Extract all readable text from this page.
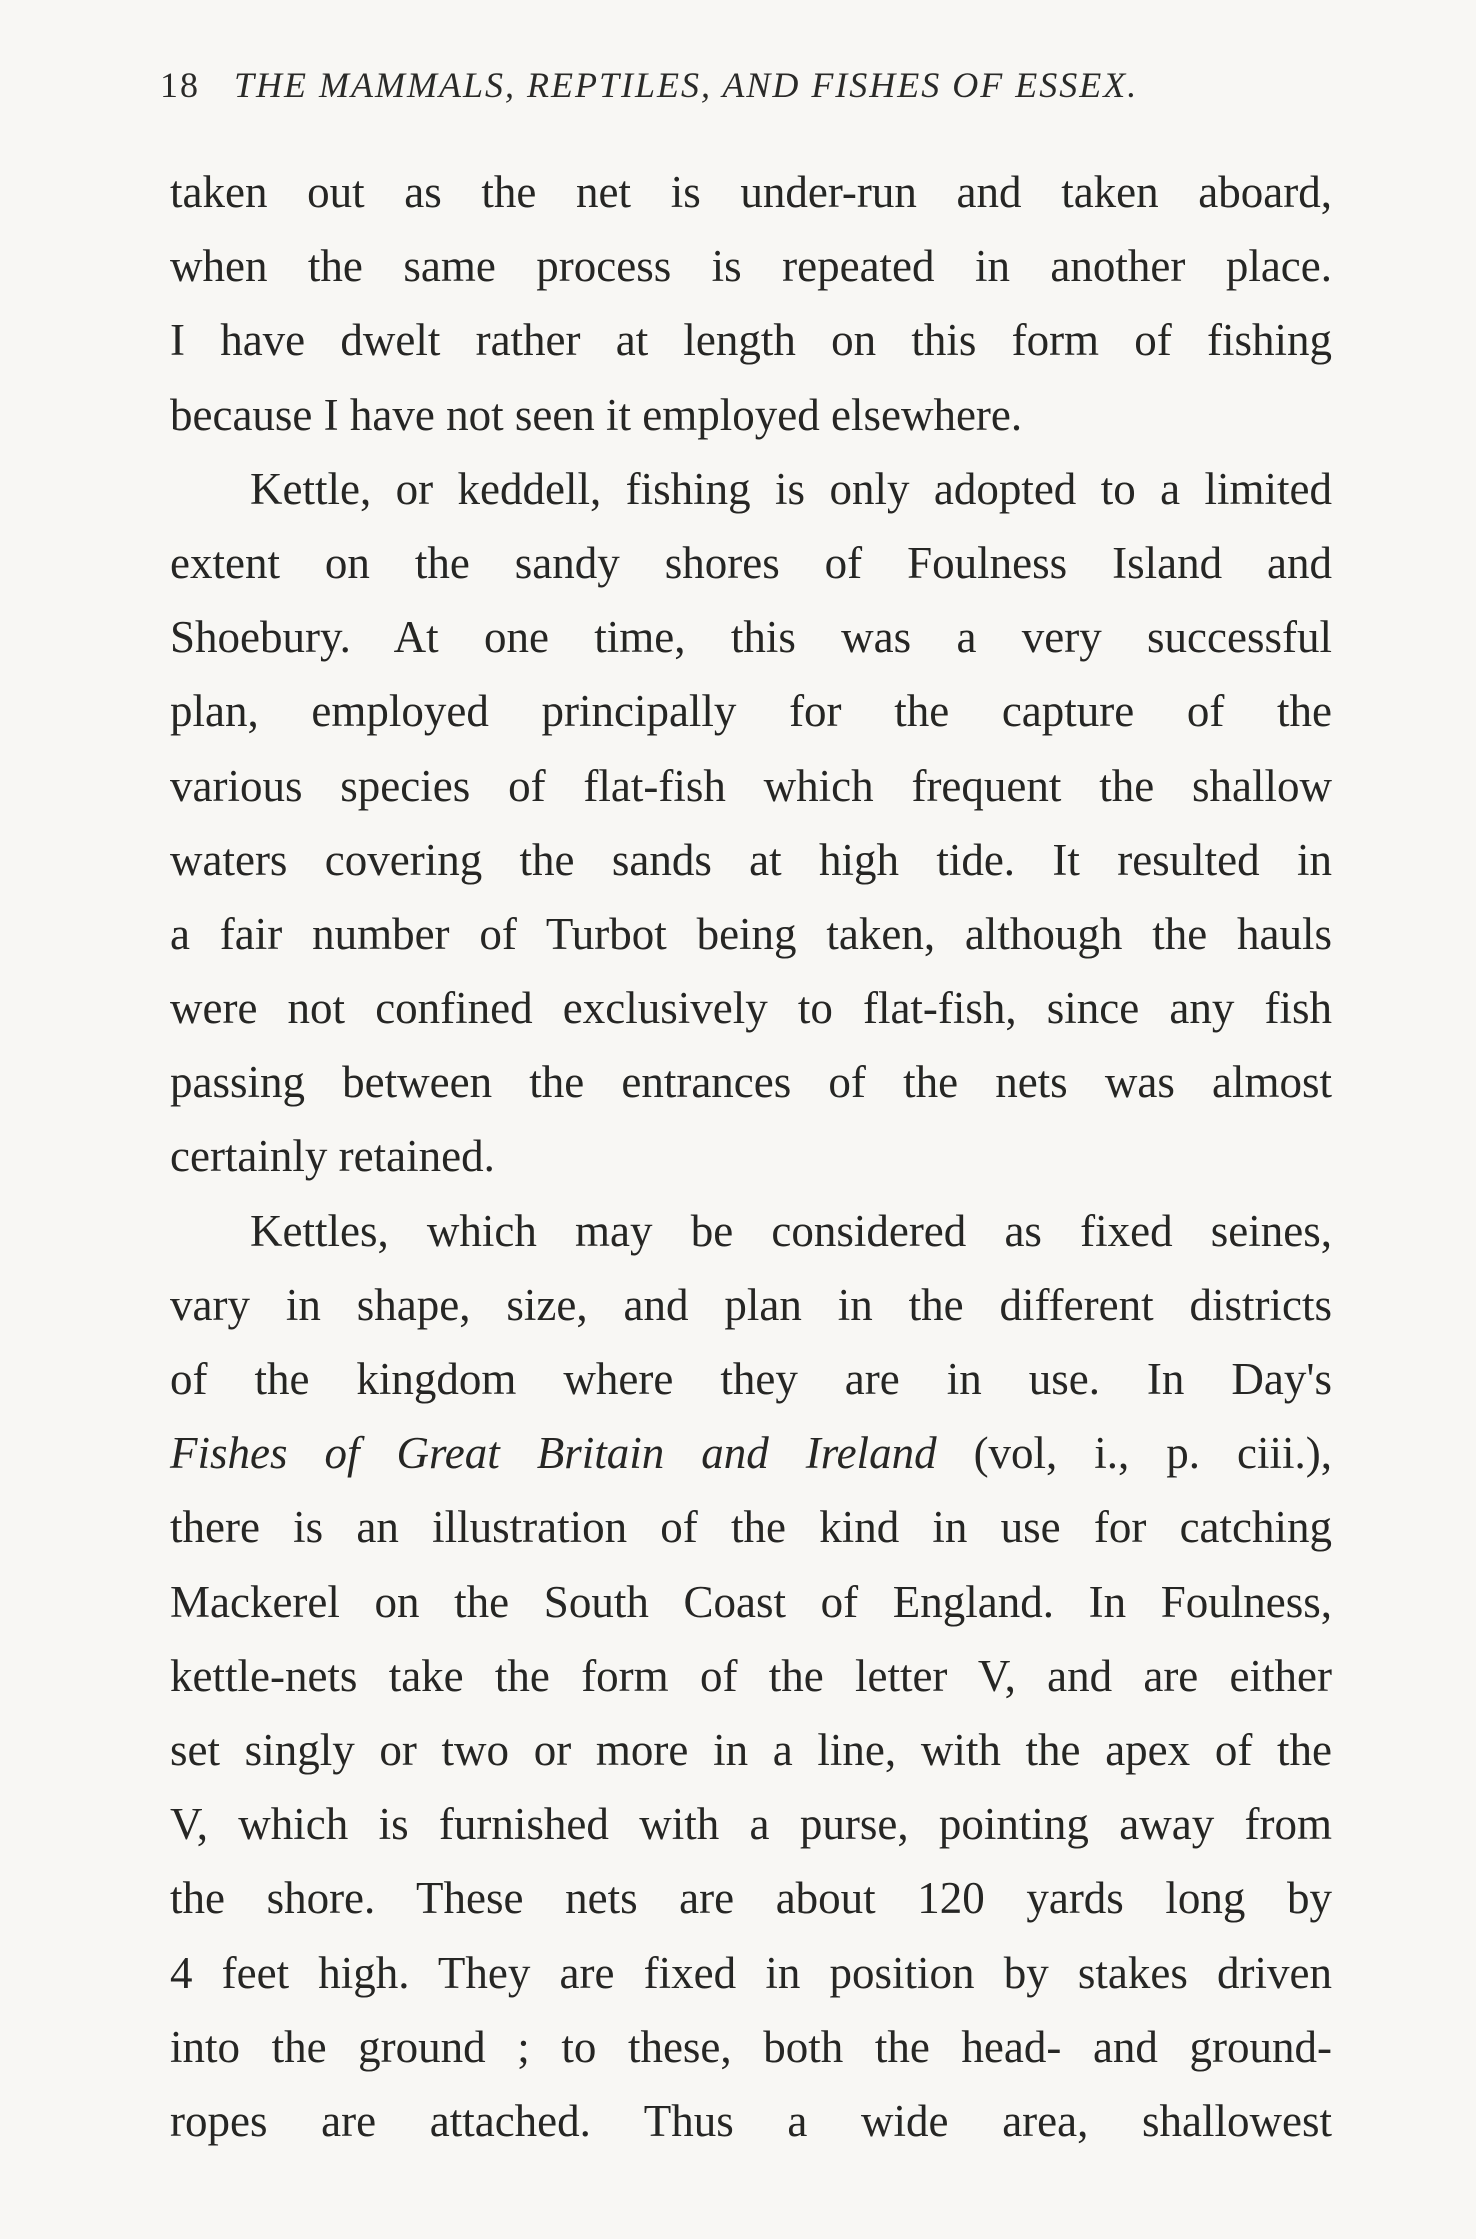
18 THE MAMMALS, REPTILES, AND FISHES OF ESSEX.
taken out as the net is under-run and taken aboard,
when the same process is repeated in another place.
I have dwelt rather at length on this form of fishing
because I have not seen it employed elsewhere.
Kettle, or keddell, fishing is only adopted to a limited
extent on the sandy shores of Foulness Island and
Shoebury. At one time, this was a very successful
plan, employed principally for the capture of the
various species of flat-fish which frequent the shallow
waters covering the sands at high tide. It resulted in
a fair number of Turbot being taken, although the hauls
were not confined exclusively to flat-fish, since any fish
passing between the entrances of the nets was almost
certainly retained.
Kettles, which may be considered as fixed seines,
vary in shape, size, and plan in the different districts
of the kingdom where they are in use. In Day's
Fishes of Great Britain and Ireland (vol, i., p. ciii.),
there is an illustration of the kind in use for catching
Mackerel on the South Coast of England. In Foulness,
kettle-nets take the form of the letter V, and are either
set singly or two or more in a line, with the apex of the
V, which is furnished with a purse, pointing away from
the shore. These nets are about 120 yards long by
4 feet high. They are fixed in position by stakes driven
into the ground ; to these, both the head- and ground-
ropes are attached. Thus a wide area, shallowest
